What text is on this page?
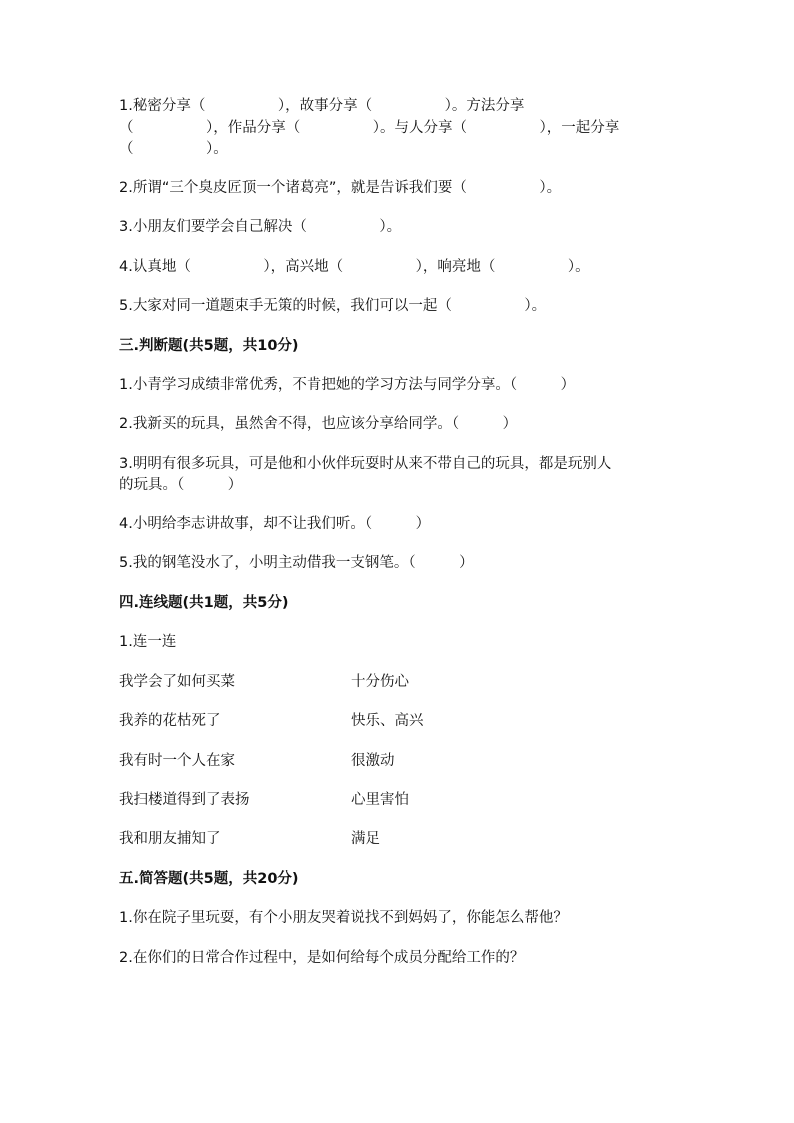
1.秘密分享（　　　　　），故事分享（　　　　　）。方法分享
（　　　　　），作品分享（　　　　　）。与人分享（　　　　　），一起分享
（　　　　　）。
2.所谓“三个臭皮匠顶一个诸葛亮”，就是告诉我们要（　　　　　）。
3.小朋友们要学会自己解决（　　　　　）。
4.认真地（　　　　　），高兴地（　　　　　），响亮地（　　　　　）。
5.大家对同一道题束手无策的时候，我们可以一起（　　　　　）。
三.判断题(共5题，共10分)
1.小青学习成绩非常优秀，不肯把她的学习方法与同学分享。（　　　）
2.我新买的玩具，虽然舍不得，也应该分享给同学。（　　　）
3.明明有很多玩具，可是他和小伙伴玩耍时从来不带自己的玩具，都是玩别人
的玩具。（　　　）
4.小明给李志讲故事，却不让我们听。（　　　）
5.我的钢笔没水了，小明主动借我一支钢笔。（　　　）
四.连线题(共1题，共5分)
1.连一连
我学会了如何买菜	十分伤心
我养的花枯死了	快乐、高兴
我有时一个人在家	很激动
我扫楼道得到了表扬	心里害怕
我和朋友捕知了	满足
五.简答题(共5题，共20分)
1.你在院子里玩耍，有个小朋友哭着说找不到妈妈了，你能怎么帮他？
2.在你们的日常合作过程中，是如何给每个成员分配给工作的？
